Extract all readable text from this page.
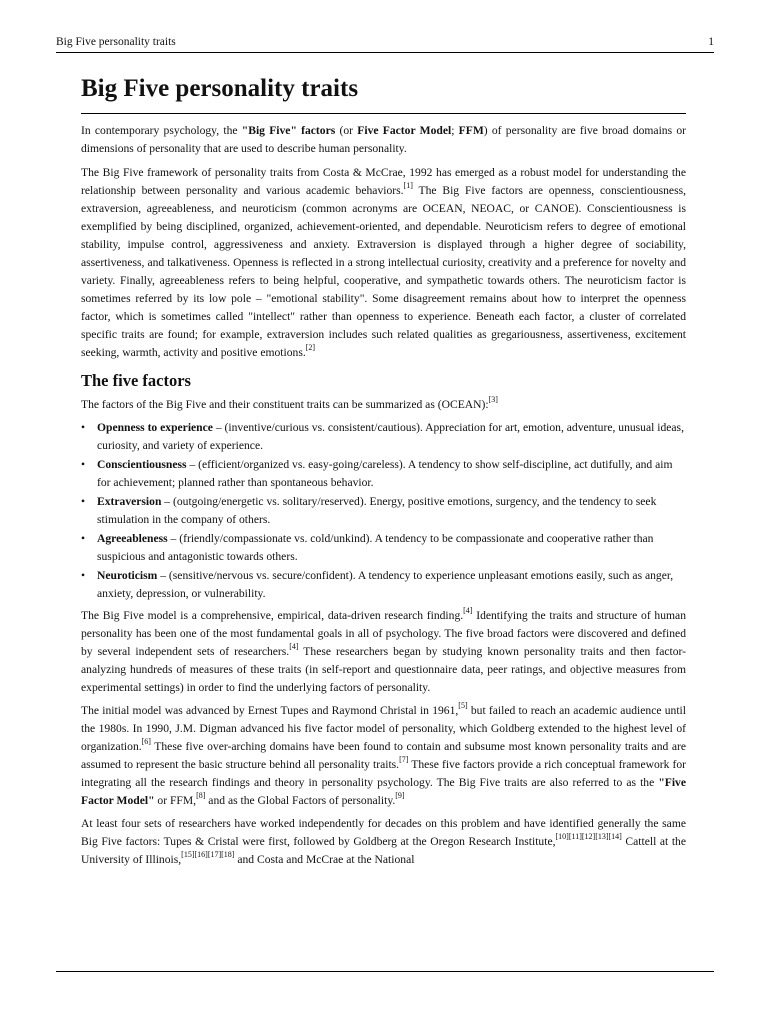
Big Five personality traits	1
Big Five personality traits

In contemporary psychology, the "Big Five" factors (or Five Factor Model; FFM) of personality are five broad domains or dimensions of personality that are used to describe human personality.

The Big Five framework of personality traits from Costa & McCrae, 1992 has emerged as a robust model for understanding the relationship between personality and various academic behaviors.[1] The Big Five factors are openness, conscientiousness, extraversion, agreeableness, and neuroticism (common acronyms are OCEAN, NEOAC, or CANOE). Conscientiousness is exemplified by being disciplined, organized, achievement-oriented, and dependable. Neuroticism refers to degree of emotional stability, impulse control, aggressiveness and anxiety. Extraversion is displayed through a higher degree of sociability, assertiveness, and talkativeness. Openness is reflected in a strong intellectual curiosity, creativity and a preference for novelty and variety. Finally, agreeableness refers to being helpful, cooperative, and sympathetic towards others. The neuroticism factor is sometimes referred by its low pole – "emotional stability". Some disagreement remains about how to interpret the openness factor, which is sometimes called "intellect" rather than openness to experience. Beneath each factor, a cluster of correlated specific traits are found; for example, extraversion includes such related qualities as gregariousness, assertiveness, excitement seeking, warmth, activity and positive emotions.[2]

The five factors

The factors of the Big Five and their constituent traits can be summarized as (OCEAN):[3]

• Openness to experience – (inventive/curious vs. consistent/cautious). Appreciation for art, emotion, adventure, unusual ideas, curiosity, and variety of experience.
• Conscientiousness – (efficient/organized vs. easy-going/careless). A tendency to show self-discipline, act dutifully, and aim for achievement; planned rather than spontaneous behavior.
• Extraversion – (outgoing/energetic vs. solitary/reserved). Energy, positive emotions, surgency, and the tendency to seek stimulation in the company of others.
• Agreeableness – (friendly/compassionate vs. cold/unkind). A tendency to be compassionate and cooperative rather than suspicious and antagonistic towards others.
• Neuroticism – (sensitive/nervous vs. secure/confident). A tendency to experience unpleasant emotions easily, such as anger, anxiety, depression, or vulnerability.

The Big Five model is a comprehensive, empirical, data-driven research finding.[4] Identifying the traits and structure of human personality has been one of the most fundamental goals in all of psychology. The five broad factors were discovered and defined by several independent sets of researchers.[4] These researchers began by studying known personality traits and then factor-analyzing hundreds of measures of these traits (in self-report and questionnaire data, peer ratings, and objective measures from experimental settings) in order to find the underlying factors of personality.

The initial model was advanced by Ernest Tupes and Raymond Christal in 1961,[5] but failed to reach an academic audience until the 1980s. In 1990, J.M. Digman advanced his five factor model of personality, which Goldberg extended to the highest level of organization.[6] These five over-arching domains have been found to contain and subsume most known personality traits and are assumed to represent the basic structure behind all personality traits.[7] These five factors provide a rich conceptual framework for integrating all the research findings and theory in personality psychology. The Big Five traits are also referred to as the "Five Factor Model" or FFM,[8] and as the Global Factors of personality.[9]

At least four sets of researchers have worked independently for decades on this problem and have identified generally the same Big Five factors: Tupes & Cristal were first, followed by Goldberg at the Oregon Research Institute,[10][11][12][13][14] Cattell at the University of Illinois,[15][16][17][18] and Costa and McCrae at the National
